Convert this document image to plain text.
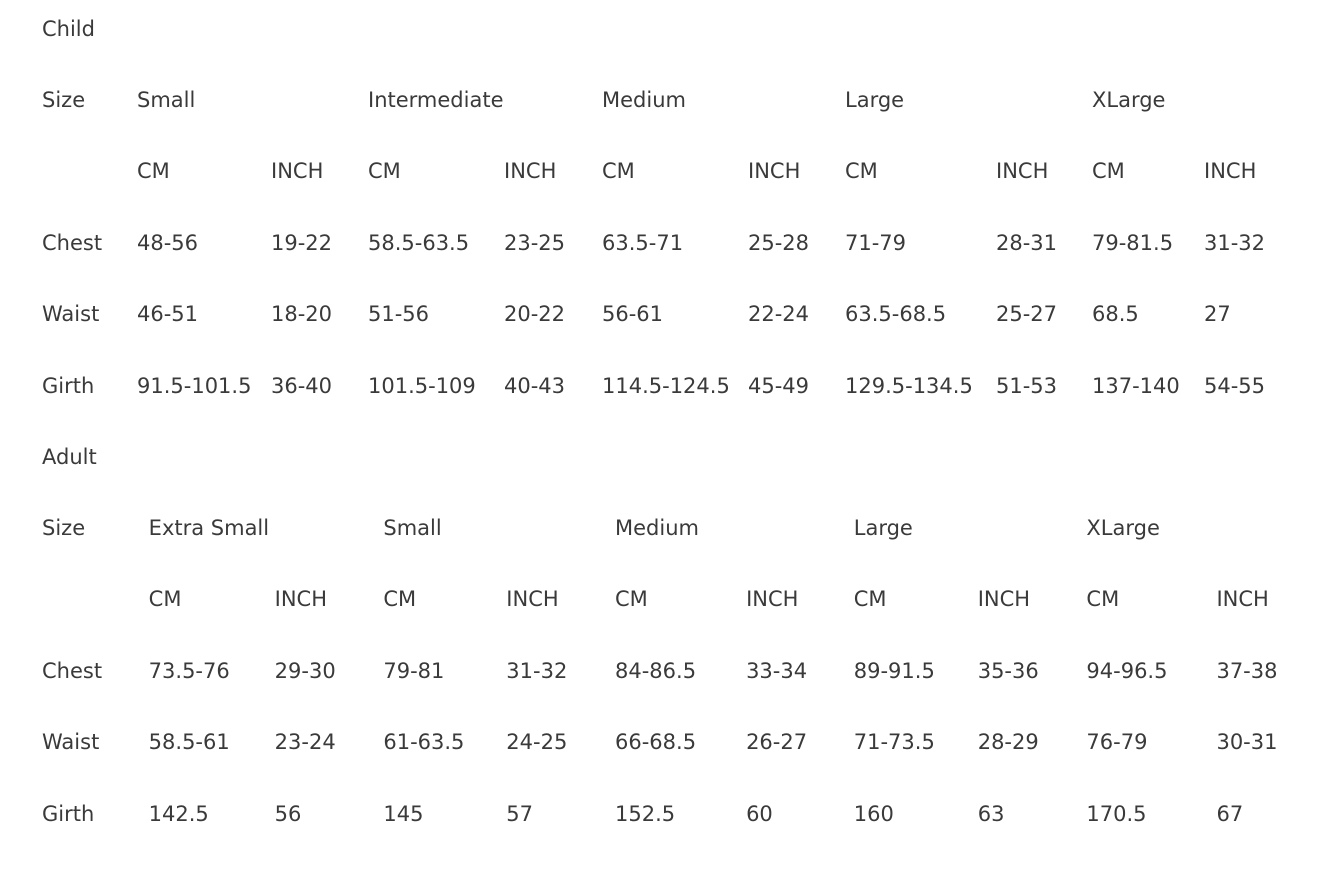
Child										
Size	Small		Intermediate		Medium		Large		XLarge	
	CM	INCH	CM	INCH	CM	INCH	CM	INCH	CM	INCH
Chest	48-56	19-22	58.5-63.5	23-25	63.5-71	25-28	71-79	28-31	79-81.5	31-32
Waist	46-51	18-20	51-56	20-22	56-61	22-24	63.5-68.5	25-27	68.5	27
Girth	91.5-101.5	36-40	101.5-109	40-43	114.5-124.5	45-49	129.5-134.5	51-53	137-140	54-55
Adult										
Size	Extra Small		Small		Medium		Large		XLarge	
	CM	INCH	CM	INCH	CM	INCH	CM	INCH	CM	INCH
Chest	73.5-76	29-30	79-81	31-32	84-86.5	33-34	89-91.5	35-36	94-96.5	37-38
Waist	58.5-61	23-24	61-63.5	24-25	66-68.5	26-27	71-73.5	28-29	76-79	30-31
Girth	142.5	56	145	57	152.5	60	160	63	170.5	67
